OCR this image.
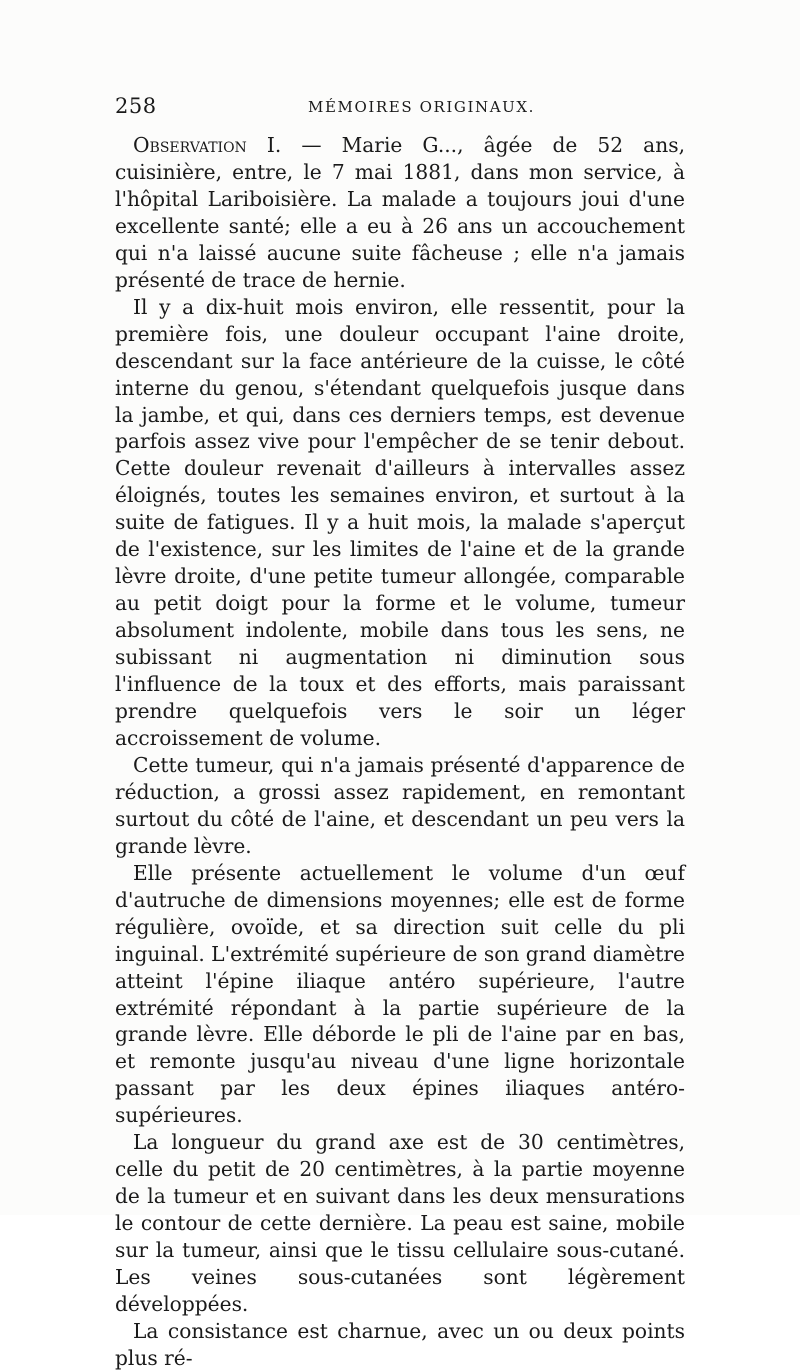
258	MÉMOIRES ORIGINAUX.

Observation I. — Marie G..., âgée de 52 ans, cuisinière, entre, le 7 mai 1881, dans mon service, à l'hôpital Lariboisière. La malade a toujours joui d'une excellente santé; elle a eu à 26 ans un accouchement qui n'a laissé aucune suite fâcheuse ; elle n'a jamais présenté de trace de hernie.

Il y a dix-huit mois environ, elle ressentit, pour la première fois, une douleur occupant l'aine droite, descendant sur la face antérieure de la cuisse, le côté interne du genou, s'étendant quelquefois jusque dans la jambe, et qui, dans ces derniers temps, est devenue parfois assez vive pour l'empêcher de se tenir debout. Cette douleur revenait d'ailleurs à intervalles assez éloignés, toutes les semaines environ, et surtout à la suite de fatigues. Il y a huit mois, la malade s'aperçut de l'existence, sur les limites de l'aine et de la grande lèvre droite, d'une petite tumeur allongée, comparable au petit doigt pour la forme et le volume, tumeur absolument indolente, mobile dans tous les sens, ne subissant ni augmentation ni diminution sous l'influence de la toux et des efforts, mais paraissant prendre quelquefois vers le soir un léger accroissement de volume.

Cette tumeur, qui n'a jamais présenté d'apparence de réduction, a grossi assez rapidement, en remontant surtout du côté de l'aine, et descendant un peu vers la grande lèvre.

Elle présente actuellement le volume d'un œuf d'autruche de dimensions moyennes; elle est de forme régulière, ovoïde, et sa direction suit celle du pli inguinal. L'extrémité supérieure de son grand diamètre atteint l'épine iliaque antéro supérieure, l'autre extrémité répondant à la partie supérieure de la grande lèvre. Elle déborde le pli de l'aine par en bas, et remonte jusqu'au niveau d'une ligne horizontale passant par les deux épines iliaques antéro-supérieures.

La longueur du grand axe est de 30 centimètres, celle du petit de 20 centimètres, à la partie moyenne de la tumeur et en suivant dans les deux mensurations le contour de cette dernière. La peau est saine, mobile sur la tumeur, ainsi que le tissu cellulaire sous-cutané. Les veines sous-cutanées sont légèrement développées.

La consistance est charnue, avec un ou deux points plus ré-
